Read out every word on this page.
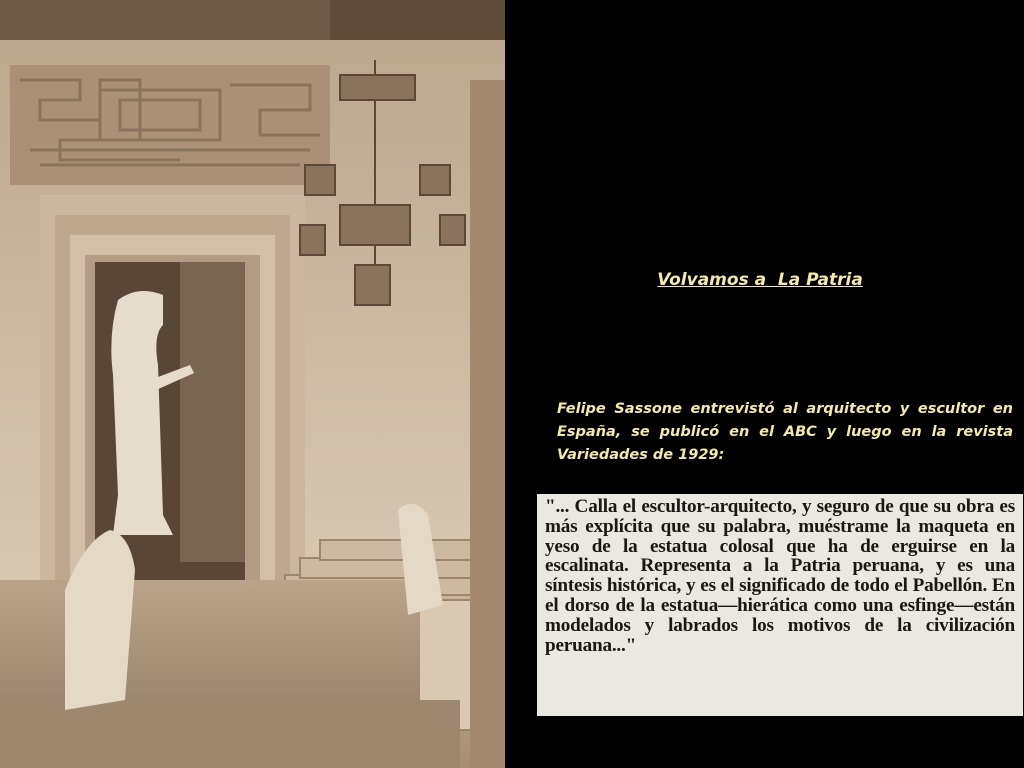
Volvamos a  La Patria
Felipe Sassone entrevistó al arquitecto y escultor en España, se publicó en el ABC y luego en la revista Variedades de 1929:

"... Calla el escultor-arquitecto, y seguro de que su obra es más explícita que su palabra, muéstrame la maqueta en yeso de la estatua colosal que ha de erguirse en la escalinata. Representa a la Patria peruana, y es una síntesis histórica, y es el significado de todo el Pabellón. En el dorso de la estatua—hierática como una esfinge—están modelados y labrados los motivos de la civilización peruana..."
